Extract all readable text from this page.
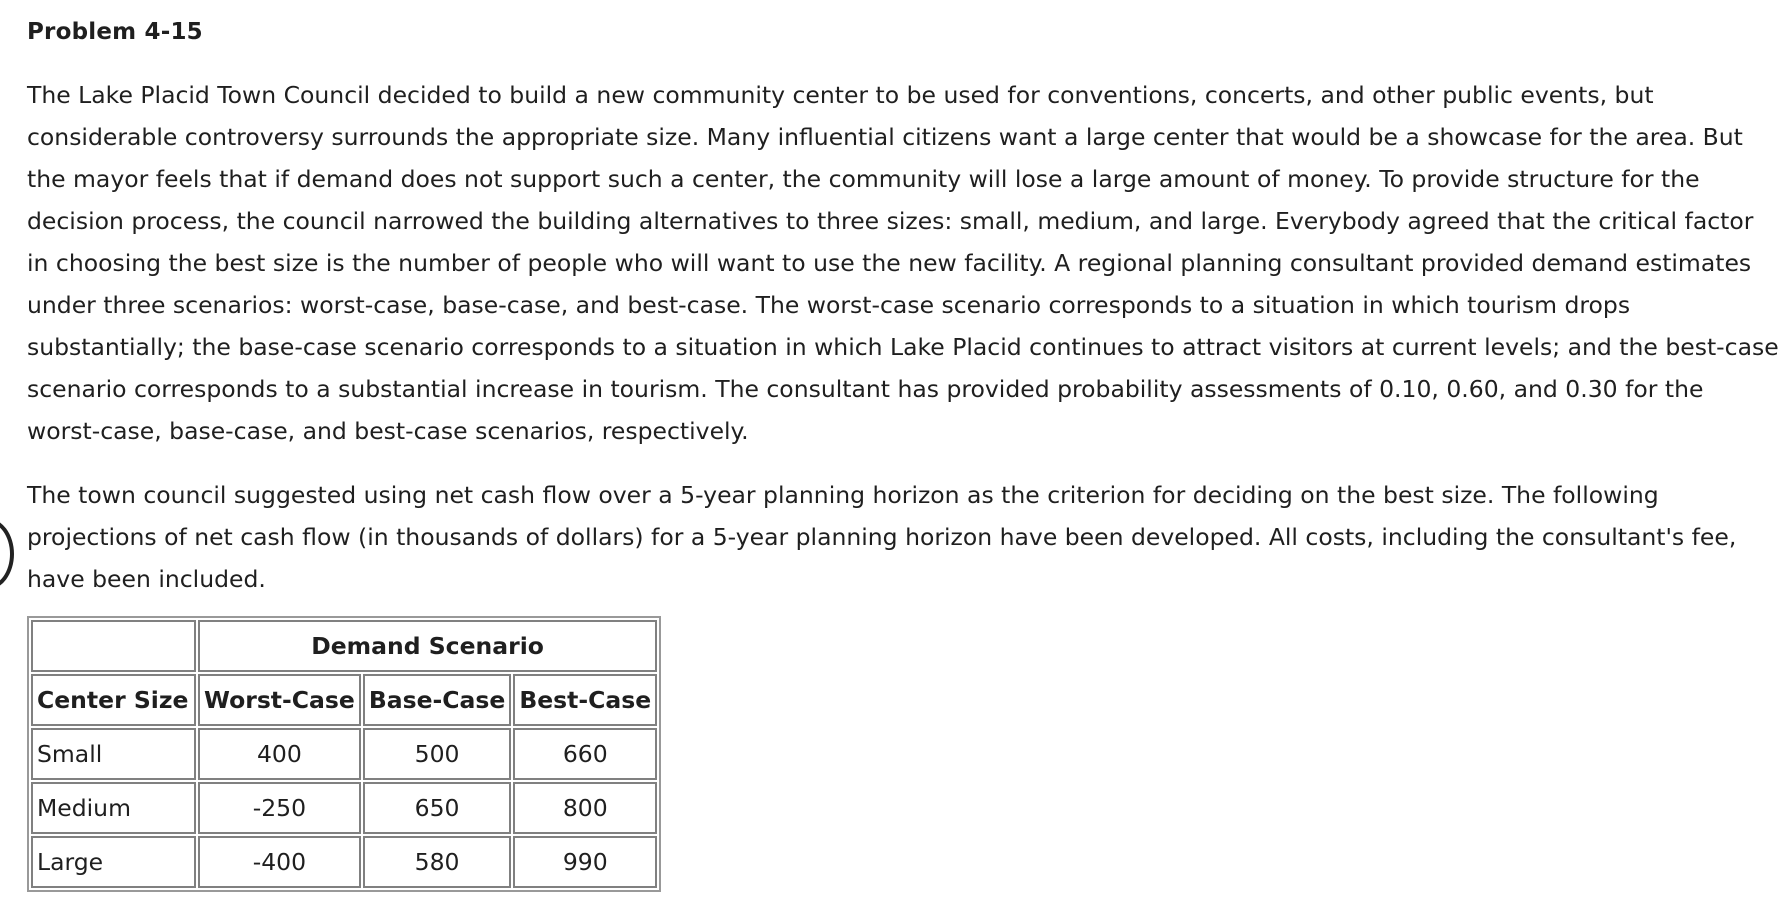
Problem 4-15

The Lake Placid Town Council decided to build a new community center to be used for conventions, concerts, and other public events, but considerable controversy surrounds the appropriate size. Many influential citizens want a large center that would be a showcase for the area. But the mayor feels that if demand does not support such a center, the community will lose a large amount of money. To provide structure for the decision process, the council narrowed the building alternatives to three sizes: small, medium, and large. Everybody agreed that the critical factor in choosing the best size is the number of people who will want to use the new facility. A regional planning consultant provided demand estimates under three scenarios: worst-case, base-case, and best-case. The worst-case scenario corresponds to a situation in which tourism drops substantially; the base-case scenario corresponds to a situation in which Lake Placid continues to attract visitors at current levels; and the best-case scenario corresponds to a substantial increase in tourism. The consultant has provided probability assessments of 0.10, 0.60, and 0.30 for the worst-case, base-case, and best-case scenarios, respectively.

The town council suggested using net cash flow over a 5-year planning horizon as the criterion for deciding on the best size. The following projections of net cash flow (in thousands of dollars) for a 5-year planning horizon have been developed. All costs, including the consultant's fee, have been included.

	Demand Scenario		
Center Size	Worst-Case	Base-Case	Best-Case
Small	400	500	660
Medium	-250	650	800
Large	-400	580	990
